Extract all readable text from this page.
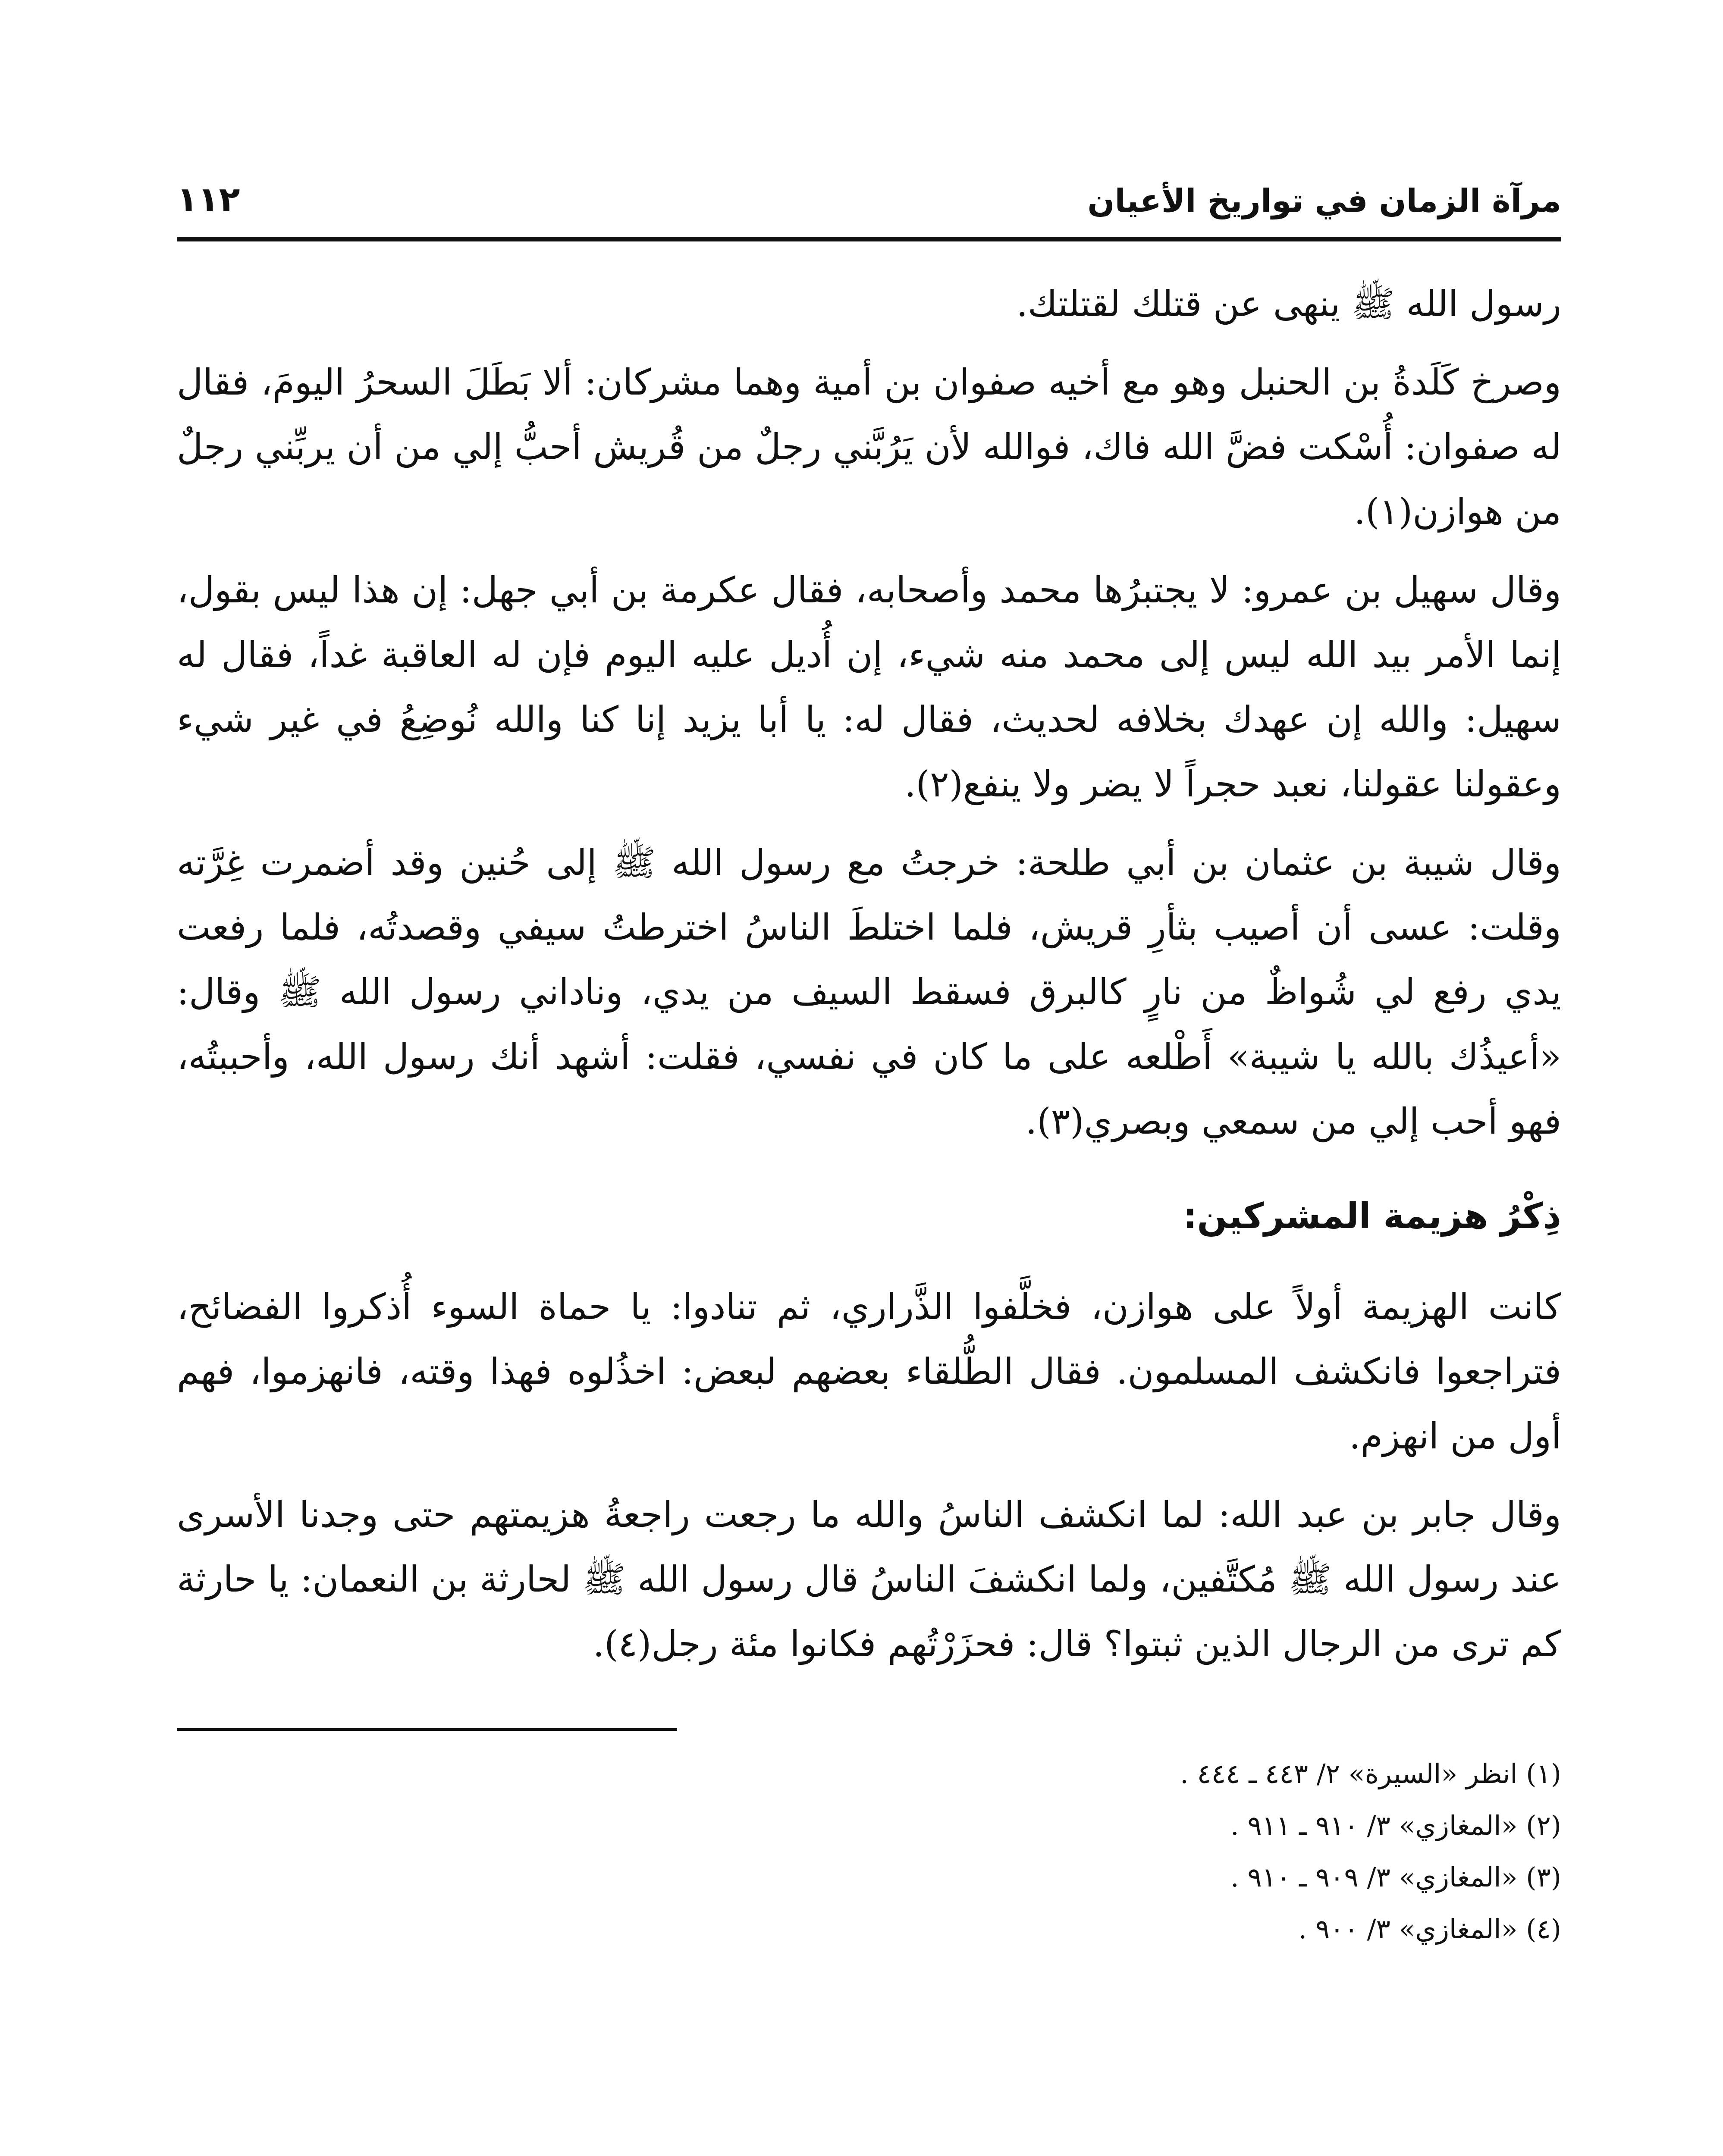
مرآة الزمان في تواريخ الأعيان
١١٢

رسول الله ﷺ ينهى عن قتلك لقتلتك.

وصرخ كَلَدةُ بن الحنبل وهو مع أخيه صفوان بن أمية وهما مشركان: ألا بَطَلَ السحرُ اليومَ، فقال له صفوان: أُسْكت فضَّ الله فاك، فوالله لأن يَرُبَّني رجلٌ من قُريش أحبُّ إلي من أن يربِّني رجلٌ من هوازن(١).

وقال سهيل بن عمرو: لا يجتبرُها محمد وأصحابه، فقال عكرمة بن أبي جهل: إن هذا ليس بقول، إنما الأمر بيد الله ليس إلى محمد منه شيء، إن أُديل عليه اليوم فإن له العاقبة غداً، فقال له سهيل: والله إن عهدك بخلافه لحديث، فقال له: يا أبا يزيد إنا كنا والله نُوضِعُ في غير شيء وعقولنا عقولنا، نعبد حجراً لا يضر ولا ينفع(٢).

وقال شيبة بن عثمان بن أبي طلحة: خرجتُ مع رسول الله ﷺ إلى حُنين وقد أضمرت غِرَّته وقلت: عسى أن أصيب بثأرِ قريش، فلما اختلطَ الناسُ اخترطتُ سيفي وقصدتُه، فلما رفعت يدي رفع لي شُواظٌ من نارٍ كالبرق فسقط السيف من يدي، وناداني رسول الله ﷺ وقال: «أعيذُك بالله يا شيبة» أَطْلعه على ما كان في نفسي، فقلت: أشهد أنك رسول الله، وأحببتُه، فهو أحب إلي من سمعي وبصري(٣).

ذِكْرُ هزيمة المشركين:

كانت الهزيمة أولاً على هوازن، فخلَّفوا الذَّراري، ثم تنادوا: يا حماة السوء أُذكروا الفضائح، فتراجعوا فانكشف المسلمون. فقال الطُّلقاء بعضهم لبعض: اخذُلوه فهذا وقته، فانهزموا، فهم أول من انهزم.

وقال جابر بن عبد الله: لما انكشف الناسُ والله ما رجعت راجعةُ هزيمتهم حتى وجدنا الأسرى عند رسول الله ﷺ مُكتَّفين، ولما انكشفَ الناسُ قال رسول الله ﷺ لحارثة بن النعمان: يا حارثة كم ترى من الرجال الذين ثبتوا؟ قال: فحزَرْتُهم فكانوا مئة رجل(٤).

(١) انظر «السيرة» ٢/ ٤٤٣ ـ ٤٤٤ .

(٢) «المغازي» ٣/ ٩١٠ ـ ٩١١ .

(٣) «المغازي» ٣/ ٩٠٩ ـ ٩١٠ .

(٤) «المغازي» ٣/ ٩٠٠ .
